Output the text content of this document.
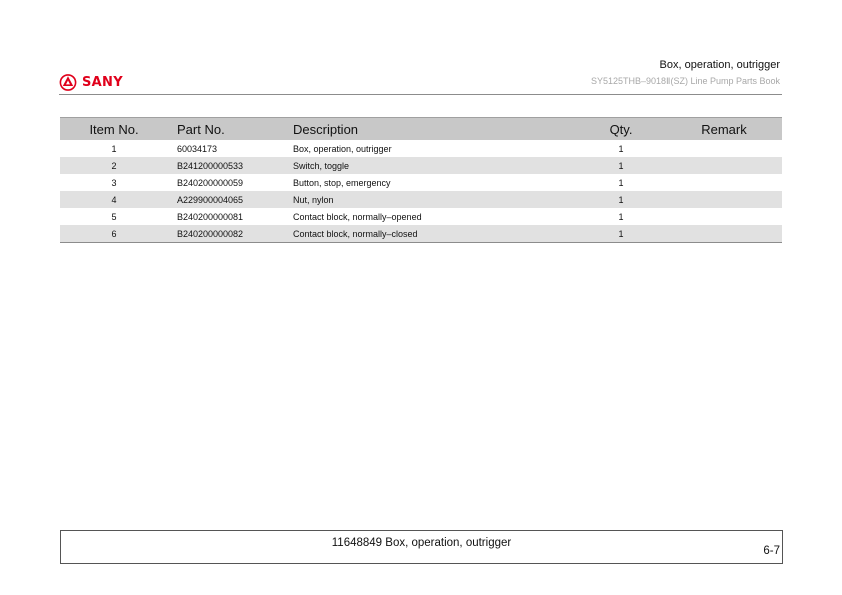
SANY
Box, operation, outrigger
SY5125THB–9018Ⅱ(SZ) Line Pump Parts Book
Item No.	Part No.	Description	Qty.	Remark
1	60034173	Box, operation, outrigger	1	
2	B241200000533	Switch, toggle	1	
3	B240200000059	Button, stop, emergency	1	
4	A229900004065	Nut, nylon	1	
5	B240200000081	Contact block, normally–opened	1	
6	B240200000082	Contact block, normally–closed	1	
11648849 Box, operation, outrigger
6-7
